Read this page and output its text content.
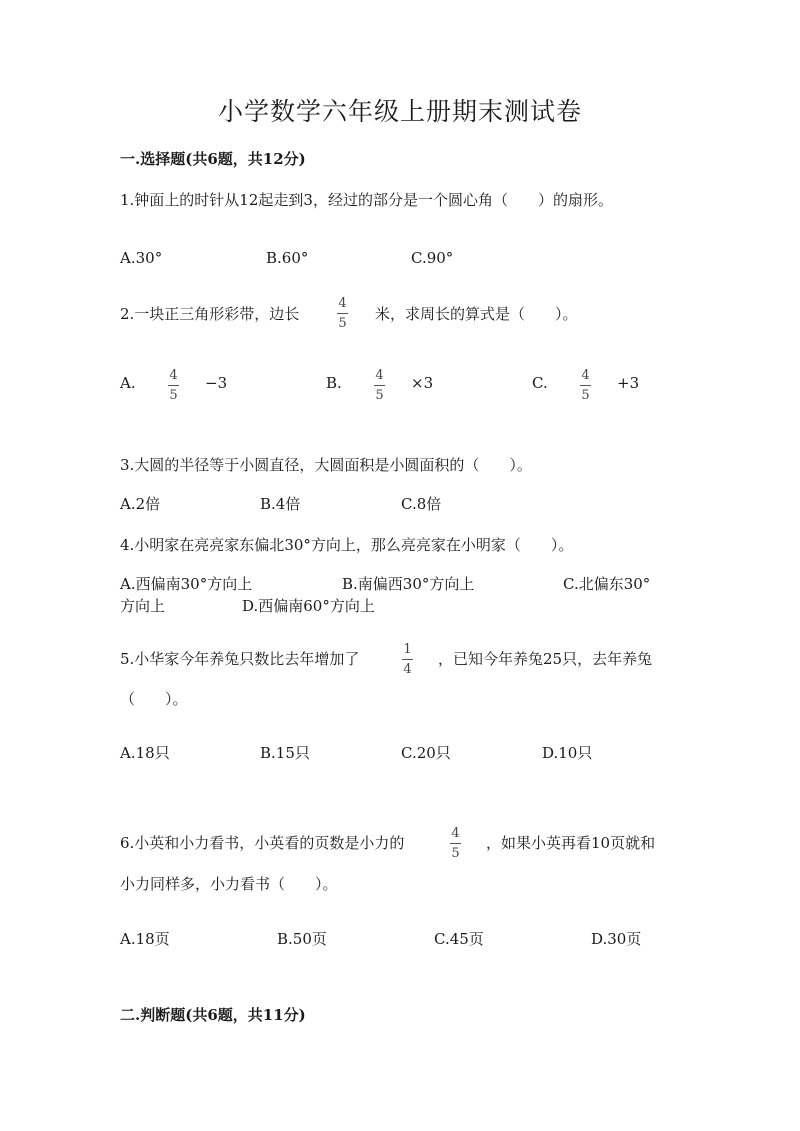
小学数学六年级上册期末测试卷
一.选择题(共6题，共12分)
1.钟面上的时针从12起走到3，经过的部分是一个圆心角（　　）的扇形。
A.30°	B.60°	C.90°
2.一块正三角形彩带，边长
4
5
米，求周长的算式是（　　）。
A.	4
5
−3	B.	4
5
×3	C.	4
5
+3
3.大圆的半径等于小圆直径，大圆面积是小圆面积的（　　）。
A.2倍	B.4倍	C.8倍
4.小明家在亮亮家东偏北30°方向上，那么亮亮家在小明家（　　）。
A.西偏南30°方向上	B.南偏西30°方向上	C.北偏东30°
方向上	D.西偏南60°方向上
5.小华家今年养兔只数比去年增加了
1
4
，已知今年养兔25只，去年养兔
（　　）。
A.18只	B.15只	C.20只	D.10只
6.小英和小力看书，小英看的页数是小力的
4
5
，如果小英再看10页就和
小力同样多，小力看书（　　）。
A.18页	B.50页	C.45页	D.30页
二.判断题(共6题，共11分)
